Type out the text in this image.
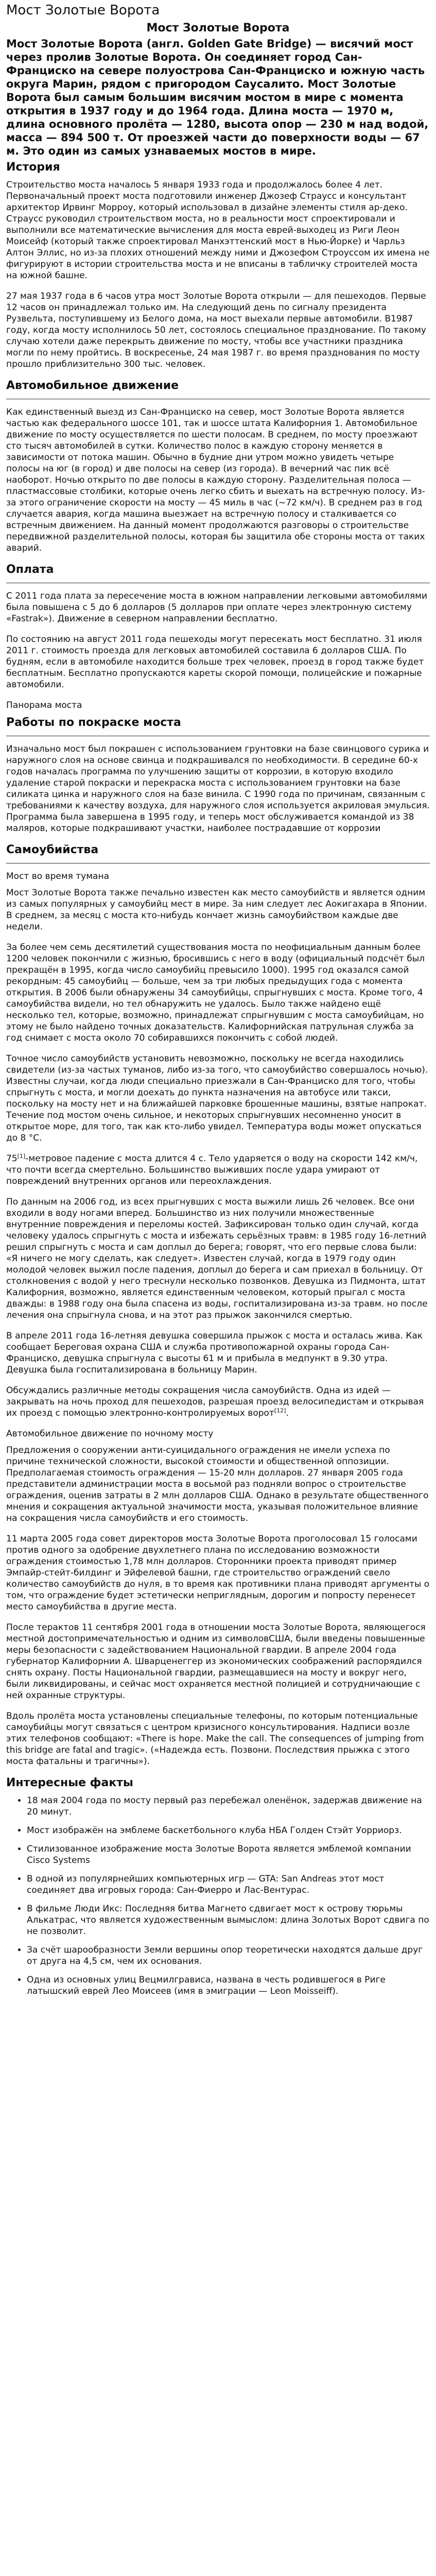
Мост Золотые Ворота
Мост Золотые Ворота
Мост Золотые Ворота (англ. Golden Gate Bridge) — висячий мост через пролив Золотые Ворота. Он соединяет город Сан-Франциско на севере полуострова Сан-Франциско и южную часть округа Марин, рядом с пригородом Саусалито. Мост Золотые Ворота был самым большим висячим мостом в мире с момента открытия в 1937 году и до 1964 года. Длина моста — 1970 м, длина основного пролёта — 1280, высота опор — 230 м над водой, масса — 894 500 т. От проезжей части до поверхности воды — 67 м. Это один из самых узнаваемых мостов в мире.
История

Строительство моста началось 5 января 1933 года и продолжалось более 4 лет. Первоначальный проект моста подготовили инженер Джозеф Страусс и консультант архитектор Ирвинг Морроу, который использовал в дизайне элементы стиля ар-деко. Страусс руководил строительством моста, но в реальности мост спроектировали и выполнили все математические вычисления для моста еврей-выходец из Риги Леон Моисейф (который также спроектировал Манхэттенский мост в Нью-Йорке) и Чарльз Алтон Эллис, но из-за плохих отношений между ними и Джозефом Строуссом их имена не фигурируют в истории строительства моста и не вписаны в табличку строителей моста на южной башне.

27 мая 1937 года в 6 часов утра мост Золотые Ворота открыли — для пешеходов. Первые 12 часов он принадлежал только им. На следующий день по сигналу президента Рузвельта, поступившему из Белого дома, на мост выехали первые автомобили. В1987 году, когда мосту исполнилось 50 лет, состоялось специальное празднование. По такому случаю хотели даже перекрыть движение по мосту, чтобы все участники праздника могли по нему пройтись. В воскресенье, 24 мая 1987 г. во время празднования по мосту прошло приблизительно 300 тыс. человек.

Автомобильное движение

Как единственный выезд из Сан-Франциско на север, мост Золотые Ворота является частью как федерального шоссе 101, так и шоссе штата Калифорния 1. Автомобильное движение по мосту осуществляется по шести полосам. В среднем, по мосту проезжают сто тысяч автомобилей в сутки. Количество полос в каждую сторону меняется в зависимости от потока машин. Обычно в будние дни утром можно увидеть четыре полосы на юг (в город) и две полосы на север (из города). В вечерний час пик всё наоборот. Ночью открыто по две полосы в каждую сторону. Разделительная полоса — пластмассовые столбики, которые очень легко сбить и выехать на встречную полосу. Из-за этого ограничение скорости на мосту — 45 миль в час (~72 км/ч). В среднем раз в год случается авария, когда машина выезжает на встречную полосу и сталкивается со встречным движением. На данный момент продолжаются разговоры о строительстве передвижной разделительной полосы, которая бы защитила обе стороны моста от таких аварий.

Оплата

С 2011 года плата за пересечение моста в южном направлении легковыми автомобилями была повышена с 5 до 6 долларов (5 долларов при оплате через электронную систему «Fastrak»). Движение в северном направлении бесплатно.

По состоянию на август 2011 года пешеходы могут пересекать мост бесплатно. 31 июля 2011 г. стоимость проезда для легковых автомобилей составила 6 долларов США. По будням, если в автомобиле находится больше трех человек, проезд в город также будет бесплатным. Бесплатно пропускаются кареты скорой помощи, полицейские и пожарные автомобили.

Панорама моста
Работы по покраске моста

Изначально мост был покрашен с использованием грунтовки на базе свинцового сурика и наружного слоя на основе свинца и подкрашивался по необходимости. В середине 60-х годов началась программа по улучшению защиты от коррозии, в которую входило удаление старой покраски и перекраска моста с использованием грунтовки на базе силиката цинка и наружного слоя на базе винила. С 1990 года по причинам, связанным с требованиями к качеству воздуха, для наружного слоя используется акриловая эмульсия. Программа была завершена в 1995 году, и теперь мост обслуживается командой из 38 маляров, которые подкрашивают участки, наиболее пострадавшие от коррозии

Самоубийства
Мост во время тумана

Мост Золотые Ворота также печально известен как место самоубийств и является одним из самых популярных у самоубийц мест в мире. За ним следует лес Аокигахара в Японии. В среднем, за месяц с моста кто-нибудь кончает жизнь самоубийством каждые две недели.

За более чем семь десятилетий существования моста по неофициальным данным более 1200 человек покончили с жизнью, бросившись с него в воду (официальный подсчёт был прекращён в 1995, когда число самоубийц превысило 1000). 1995 год оказался самой рекордным: 45 самоубийц — больше, чем за три любых предыдущих года с момента открытия. В 2006 были обнаружены 34 самоубийцы, спрыгнувших с моста. Кроме того, 4 самоубийства видели, но тел обнаружить не удалось. Было также найдено ещё несколько тел, которые, возможно, принадлежат спрыгнувшим с моста самоубийцам, но этому не было найдено точных доказательств. Калифорнийская патрульная служба за год снимает с моста около 70 собиравшихся покончить с собой людей.

Точное число самоубийств установить невозможно, поскольку не всегда находились свидетели (из-за частых туманов, либо из-за того, что самоубийство совершалось ночью). Известны случаи, когда люди специально приезжали в Сан-Франциско для того, чтобы спрыгнуть с моста, и могли доехать до пункта назначения на автобусе или такси, поскольку на мосту нет и на ближайшей парковке брошенные машины, взятые напрокат. Течение под мостом очень сильное, и некоторых спрыгнувших несомненно уносит в открытое море, для того, так как кто-либо увидел. Температура воды может опускаться до 8 °C.

75[1]-метровое падение с моста длится 4 с. Тело ударяется о воду на скорости 142 км/ч, что почти всегда смертельно. Большинство выживших после удара умирают от повреждений внутренних органов или переохлаждения.

По данным на 2006 год, из всех прыгнувших с моста выжили лишь 26 человек. Все они входили в воду ногами вперед. Большинство из них получили множественные внутренние повреждения и переломы костей. Зафиксирован только один случай, когда человеку удалось спрыгнуть с моста и избежать серьёзных травм: в 1985 году 16-летний решил спрыгнуть с моста и сам доплыл до берега; говорят, что его первые слова были: «Я ничего не могу сделать, как следует». Известен случай, когда в 1979 году один молодой человек выжил после падения, доплыл до берега и сам приехал в больницу. От столкновения с водой у него треснули несколько позвонков. Девушка из Пидмонта, штат Калифорния, возможно, является единственным человеком, который прыгал с моста дважды: в 1988 году она была спасена из воды, госпитализирована из-за травм. но после лечения она спрыгнула снова, и на этот раз прыжок закончился смертью.

В апреле 2011 года 16-летняя девушка совершила прыжок с моста и осталась жива. Как сообщает Береговая охрана США и служба противопожарной охраны города Сан-Франциско, девушка спрыгнула с высоты 61 м и прибыла в медпункт в 9.30 утра. Девушка была госпитализирована в больницу Марин.

Обсуждались различные методы сокращения числа самоубийств. Одна из идей — закрывать на ночь проход для пешеходов, разрешая проезд велосипедистам и открывая их проезд с помощью электронно-контролируемых ворот[12].

Автомобильное движение по ночному мосту

Предложения о сооружении анти-суицидального ограждения не имели успеха по причине технической сложности, высокой стоимости и общественной оппозиции. Предполагаемая стоимость ограждения — 15-20 млн долларов. 27 января 2005 года представители администрации моста в восьмой раз подняли вопрос о строительстве ограждения, оценив затраты в 2 млн долларов США. Однако в результате общественного мнения и сокращения актуальной значимости моста, указывая положительное влияние на сокращения числа самоубийств и его стоимость.

11 марта 2005 года совет директоров моста Золотые Ворота проголосовал 15 голосами против одного за одобрение двухлетнего плана по исследованию возможности ограждения стоимостью 1,78 млн долларов. Сторонники проекта приводят пример Эмпайр-стейт-билдинг и Эйфелевой башни, где строительство ограждений свело количество самоубийств до нуля, в то время как противники плана приводят аргументы о том, что ограждение будет эстетически неприглядным, дорогим и попросту перенесет место самоубийства в другие места.

После терактов 11 сентября 2001 года в отношении моста Золотые Ворота, являющегося местной достопримечательностью и одним из символовСША, были введены повышенные меры безопасности с задействованием Национальной гвардии. В апреле 2004 года губернатор Калифорнии А. Шварценеггер из экономических соображений распорядился снять охрану. Посты Национальной гвардии, размещавшиеся на мосту и вокруг него, были ликвидированы, и сейчас мост охраняется местной полицией и сотрудничающие с ней охранные структуры.

Вдоль пролёта моста установлены специальные телефоны, по которым потенциальные самоубийцы могут связаться с центром кризисного консультирования. Надписи возле этих телефонов сообщают: «There is hope. Make the call. The consequences of jumping from this bridge are fatal and tragic». («Надежда есть. Позвони. Последствия прыжка с этого моста фатальны и трагичны»).

Интересные факты
• 18 мая 2004 года по мосту первый раз перебежал оленёнок, задержав движение на 20 минут.
• Мост изображён на эмблеме баскетбольного клуба НБА Голден Стэйт Уорриорз.
• Стилизованное изображение моста Золотые Ворота является эмблемой компании Cisco Systems
• В одной из популярнейших компьютерных игр — GTA: San Andreas этот мост соединяет два игровых города: Сан-Фиерро и Лас-Вентурас.
• В фильме Люди Икс: Последняя битва Магнето сдвигает мост к острову тюрьмы Алькатрас, что является художественным вымыслом: длина Золотых Ворот сдвига по не позволит.
• За счёт шарообразности Земли вершины опор теоретически находятся дальше друг от друга на 4,5 см, чем их основания.
• Одна из основных улиц Вецмилгрависа, названа в честь родившегося в Риге латышский еврей Лео Моисеев (имя в эмиграции — Leon Moisseiff).
